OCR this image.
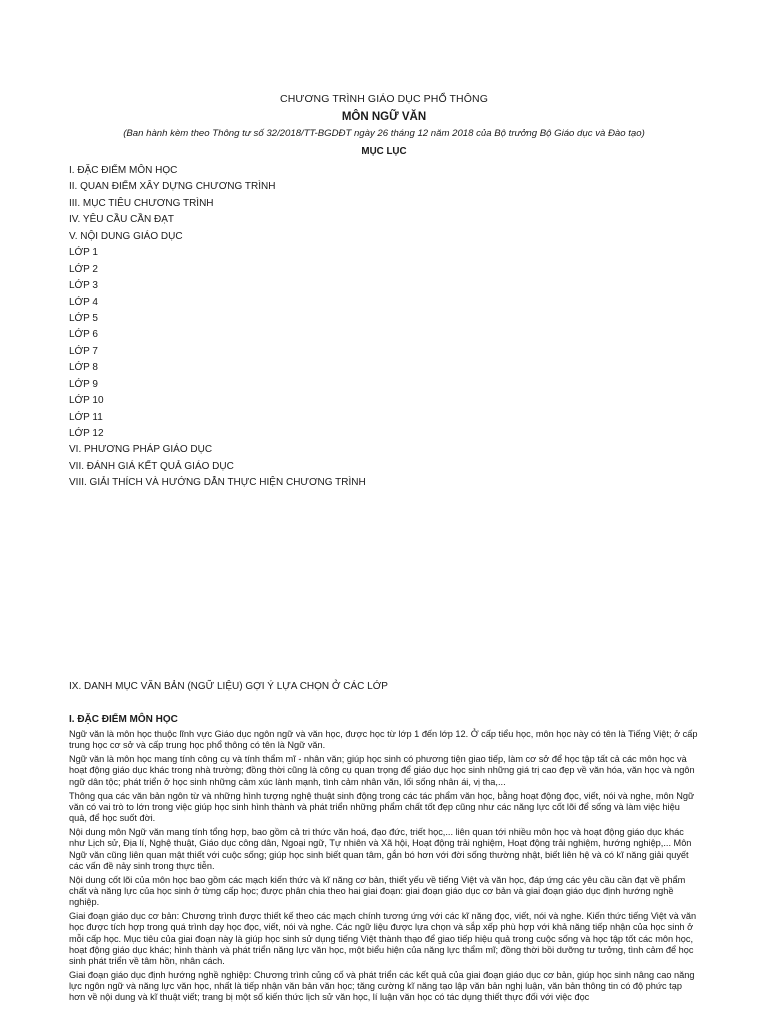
CHƯƠNG TRÌNH GIÁO DỤC PHỔ THÔNG

MÔN NGỮ VĂN

(Ban hành kèm theo Thông tư số 32/2018/TT-BGDĐT ngày 26 tháng 12 năm 2018 của Bộ trưởng Bộ Giáo dục và Đào tạo)

MỤC LỤC

I. ĐẶC ĐIỂM MÔN HỌC
II. QUAN ĐIỂM XÂY DỰNG CHƯƠNG TRÌNH
III. MỤC TIÊU CHƯƠNG TRÌNH
IV. YÊU CẦU CẦN ĐẠT
V. NỘI DUNG GIÁO DỤC
LỚP 1
LỚP 2
LỚP 3
LỚP 4
LỚP 5
LỚP 6
LỚP 7
LỚP 8
LỚP 9
LỚP 10
LỚP 11
LỚP 12
VI. PHƯƠNG PHÁP GIÁO DỤC
VII. ĐÁNH GIÁ KẾT QUẢ GIÁO DỤC
VIII. GIẢI THÍCH VÀ HƯỚNG DẪN THỰC HIỆN CHƯƠNG TRÌNH
IX. DANH MỤC VĂN BẢN (NGỮ LIỆU) GỢI Ý LỰA CHỌN Ở CÁC LỚP

I. ĐẶC ĐIỂM MÔN HỌC

Ngữ văn là môn học thuộc lĩnh vực Giáo dục ngôn ngữ và văn học, được học từ lớp 1 đến lớp 12. Ở cấp tiểu học, môn học này có tên là Tiếng Việt; ở cấp trung học cơ sở và cấp trung học phổ thông có tên là Ngữ văn.

Ngữ văn là môn học mang tính công cụ và tính thẩm mĩ - nhân văn; giúp học sinh có phương tiện giao tiếp, làm cơ sở để học tập tất cả các môn học và hoạt động giáo dục khác trong nhà trường; đồng thời cũng là công cụ quan trọng để giáo dục học sinh những giá trị cao đẹp về văn hóa, văn học và ngôn ngữ dân tộc; phát triển ở học sinh những cảm xúc lành mạnh, tình cảm nhân văn, lối sống nhân ái, vị tha,...

Thông qua các văn bản ngôn từ và những hình tượng nghệ thuật sinh động trong các tác phẩm văn học, bằng hoạt động đọc, viết, nói và nghe, môn Ngữ văn có vai trò to lớn trong việc giúp học sinh hình thành và phát triển những phẩm chất tốt đẹp cũng như các năng lực cốt lõi để sống và làm việc hiệu quả, để học suốt đời.

Nội dung môn Ngữ văn mang tính tổng hợp, bao gồm cả tri thức văn hoá, đạo đức, triết học,... liên quan tới nhiều môn học và hoạt động giáo dục khác như Lịch sử, Địa lí, Nghệ thuật, Giáo dục công dân, Ngoại ngữ, Tự nhiên và Xã hội, Hoạt động trải nghiệm, Hoạt động trải nghiệm, hướng nghiệp,... Môn Ngữ văn cũng liên quan mật thiết với cuộc sống; giúp học sinh biết quan tâm, gắn bó hơn với đời sống thường nhật, biết liên hệ và có kĩ năng giải quyết các vấn đề nảy sinh trong thực tiễn.

Nội dung cốt lõi của môn học bao gồm các mạch kiến thức và kĩ năng cơ bản, thiết yếu về tiếng Việt và văn học, đáp ứng các yêu cầu cần đạt về phẩm chất và năng lực của học sinh ở từng cấp học; được phân chia theo hai giai đoạn: giai đoạn giáo dục cơ bản và giai đoạn giáo dục định hướng nghề nghiệp.

Giai đoạn giáo dục cơ bản: Chương trình được thiết kế theo các mạch chính tương ứng với các kĩ năng đọc, viết, nói và nghe. Kiến thức tiếng Việt và văn học được tích hợp trong quá trình dạy học đọc, viết, nói và nghe. Các ngữ liệu được lựa chọn và sắp xếp phù hợp với khả năng tiếp nhận của học sinh ở mỗi cấp học. Mục tiêu của giai đoạn này là giúp học sinh sử dụng tiếng Việt thành thạo để giao tiếp hiệu quả trong cuộc sống và học tập tốt các môn học, hoạt động giáo dục khác; hình thành và phát triển năng lực văn học, một biểu hiện của năng lực thẩm mĩ; đồng thời bồi dưỡng tư tưởng, tình cảm để học sinh phát triển về tâm hồn, nhân cách.

Giai đoạn giáo dục định hướng nghề nghiệp: Chương trình củng cố và phát triển các kết quả của giai đoạn giáo dục cơ bản, giúp học sinh nâng cao năng lực ngôn ngữ và năng lực văn học, nhất là tiếp nhận văn bản văn học; tăng cường kĩ năng tạo lập văn bản nghị luận, văn bản thông tin có độ phức tạp hơn về nội dung và kĩ thuật viết; trang bị một số kiến thức lịch sử văn học, lí luận văn học có tác dụng thiết thực đối với việc đọc
